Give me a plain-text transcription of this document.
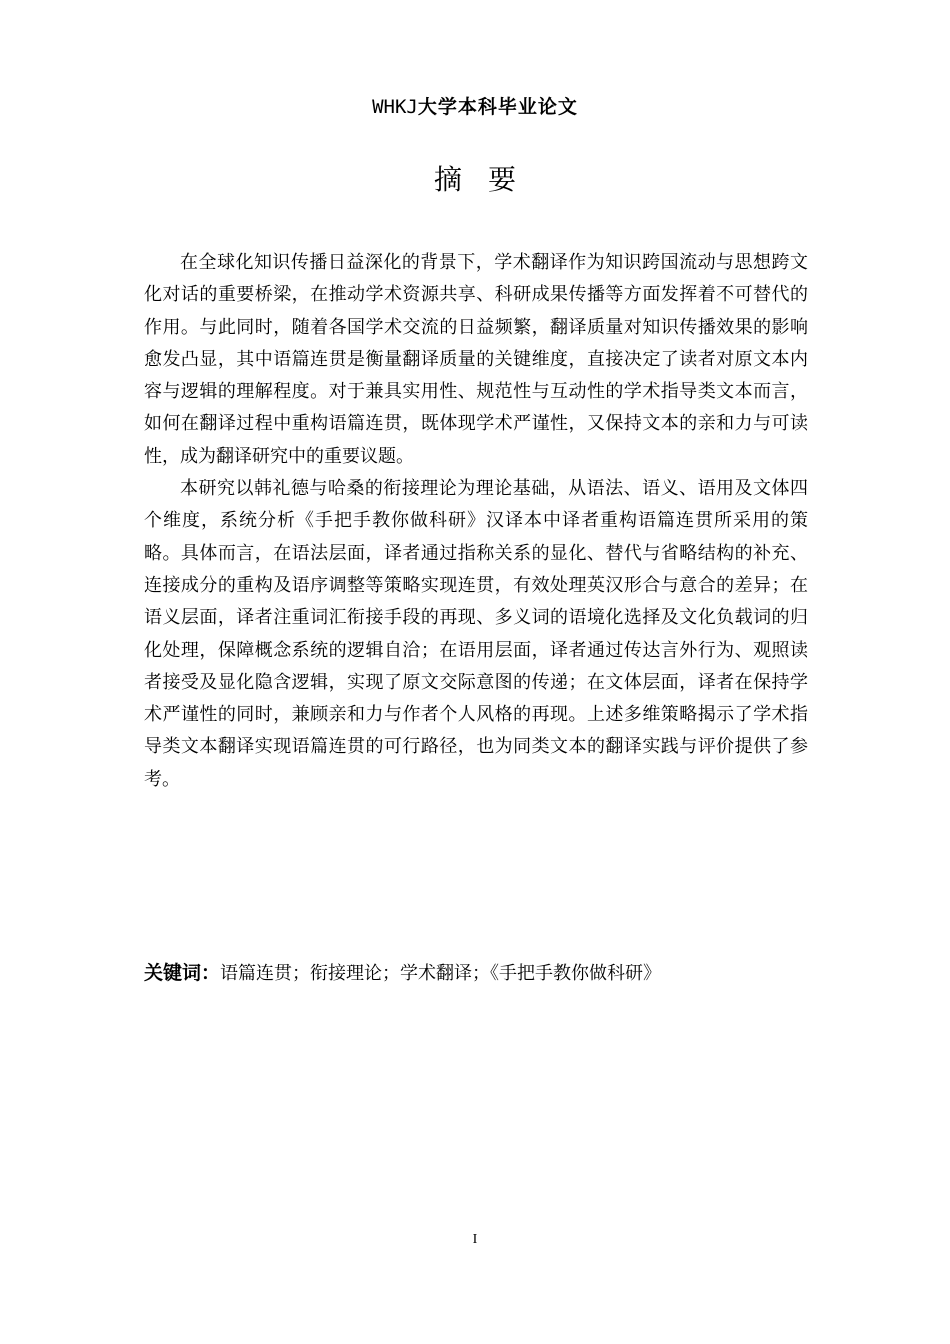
WHKJ大学本科毕业论文
摘要

在全球化知识传播日益深化的背景下，学术翻译作为知识跨国流动与思想跨文化对话的重要桥梁，在推动学术资源共享、科研成果传播等方面发挥着不可替代的作用。与此同时，随着各国学术交流的日益频繁，翻译质量对知识传播效果的影响愈发凸显，其中语篇连贯是衡量翻译质量的关键维度，直接决定了读者对原文本内容与逻辑的理解程度。对于兼具实用性、规范性与互动性的学术指导类文本而言，如何在翻译过程中重构语篇连贯，既体现学术严谨性，又保持文本的亲和力与可读性，成为翻译研究中的重要议题。

本研究以韩礼德与哈桑的衔接理论为理论基础，从语法、语义、语用及文体四个维度，系统分析《手把手教你做科研》汉译本中译者重构语篇连贯所采用的策略。具体而言，在语法层面，译者通过指称关系的显化、替代与省略结构的补充、连接成分的重构及语序调整等策略实现连贯，有效处理英汉形合与意合的差异；在语义层面，译者注重词汇衔接手段的再现、多义词的语境化选择及文化负载词的归化处理，保障概念系统的逻辑自洽；在语用层面，译者通过传达言外行为、观照读者接受及显化隐含逻辑，实现了原文交际意图的传递；在文体层面，译者在保持学术严谨性的同时，兼顾亲和力与作者个人风格的再现。上述多维策略揭示了学术指导类文本翻译实现语篇连贯的可行路径，也为同类文本的翻译实践与评价提供了参考。

关键词：语篇连贯；衔接理论；学术翻译；《手把手教你做科研》
I
